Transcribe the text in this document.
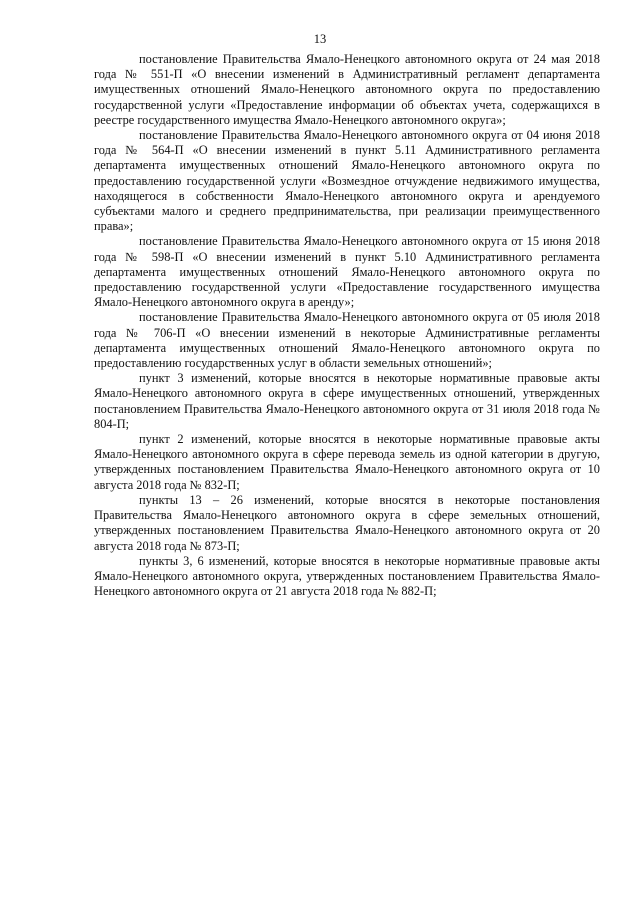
13

постановление Правительства Ямало-Ненецкого автономного округа от 24 мая 2018 года № 551-П «О внесении изменений в Административный регламент департамента имущественных отношений Ямало-Ненецкого автономного округа по предоставлению государственной услуги «Предоставление информации об объектах учета, содержащихся в реестре государственного имущества Ямало-Ненецкого автономного округа»;

постановление Правительства Ямало-Ненецкого автономного округа от 04 июня 2018 года № 564-П «О внесении изменений в пункт 5.11 Административного регламента департамента имущественных отношений Ямало-Ненецкого автономного округа по предоставлению государственной услуги «Возмездное отчуждение недвижимого имущества, находящегося в собственности Ямало-Ненецкого автономного округа и арендуемого субъектами малого и среднего предпринимательства, при реализации преимущественного права»;

постановление Правительства Ямало-Ненецкого автономного округа от 15 июня 2018 года № 598-П «О внесении изменений в пункт 5.10 Административного регламента департамента имущественных отношений Ямало-Ненецкого автономного округа по предоставлению государственной услуги «Предоставление государственного имущества Ямало-Ненецкого автономного округа в аренду»;

постановление Правительства Ямало-Ненецкого автономного округа от 05 июля 2018 года № 706-П «О внесении изменений в некоторые Административные регламенты департамента имущественных отношений Ямало-Ненецкого автономного округа по предоставлению государственных услуг в области земельных отношений»;

пункт 3 изменений, которые вносятся в некоторые нормативные правовые акты Ямало-Ненецкого автономного округа в сфере имущественных отношений, утвержденных постановлением Правительства Ямало-Ненецкого автономного округа от 31 июля 2018 года № 804-П;

пункт 2 изменений, которые вносятся в некоторые нормативные правовые акты Ямало-Ненецкого автономного округа в сфере перевода земель из одной категории в другую, утвержденных постановлением Правительства Ямало-Ненецкого автономного округа от 10 августа 2018 года № 832-П;

пункты 13 – 26 изменений, которые вносятся в некоторые постановления Правительства Ямало-Ненецкого автономного округа в сфере земельных отношений, утвержденных постановлением Правительства Ямало-Ненецкого автономного округа от 20 августа 2018 года № 873-П;

пункты 3, 6 изменений, которые вносятся в некоторые нормативные правовые акты Ямало-Ненецкого автономного округа, утвержденных постановлением Правительства Ямало-Ненецкого автономного округа от 21 августа 2018 года № 882-П;
